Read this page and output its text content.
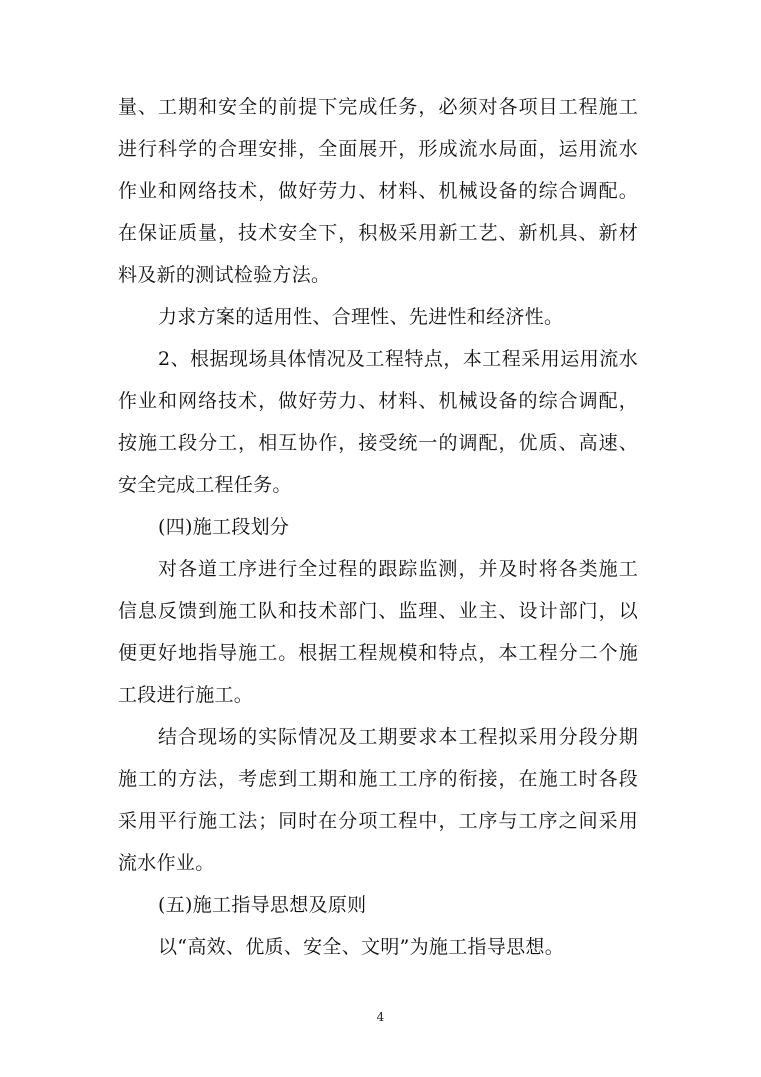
量、工期和安全的前提下完成任务，必须对各项目工程施工进行科学的合理安排，全面展开，形成流水局面，运用流水作业和网络技术，做好劳力、材料、机械设备的综合调配。在保证质量，技术安全下，积极采用新工艺、新机具、新材料及新的测试检验方法。

力求方案的适用性、合理性、先进性和经济性。

2、根据现场具体情况及工程特点，本工程采用运用流水作业和网络技术，做好劳力、材料、机械设备的综合调配，按施工段分工，相互协作，接受统一的调配，优质、高速、安全完成工程任务。

(四)施工段划分

对各道工序进行全过程的跟踪监测，并及时将各类施工信息反馈到施工队和技术部门、监理、业主、设计部门，以便更好地指导施工。根据工程规模和特点，本工程分二个施工段进行施工。

结合现场的实际情况及工期要求本工程拟采用分段分期施工的方法，考虑到工期和施工工序的衔接，在施工时各段采用平行施工法；同时在分项工程中，工序与工序之间采用流水作业。

(五)施工指导思想及原则

以“高效、优质、安全、文明”为施工指导思想。

4
